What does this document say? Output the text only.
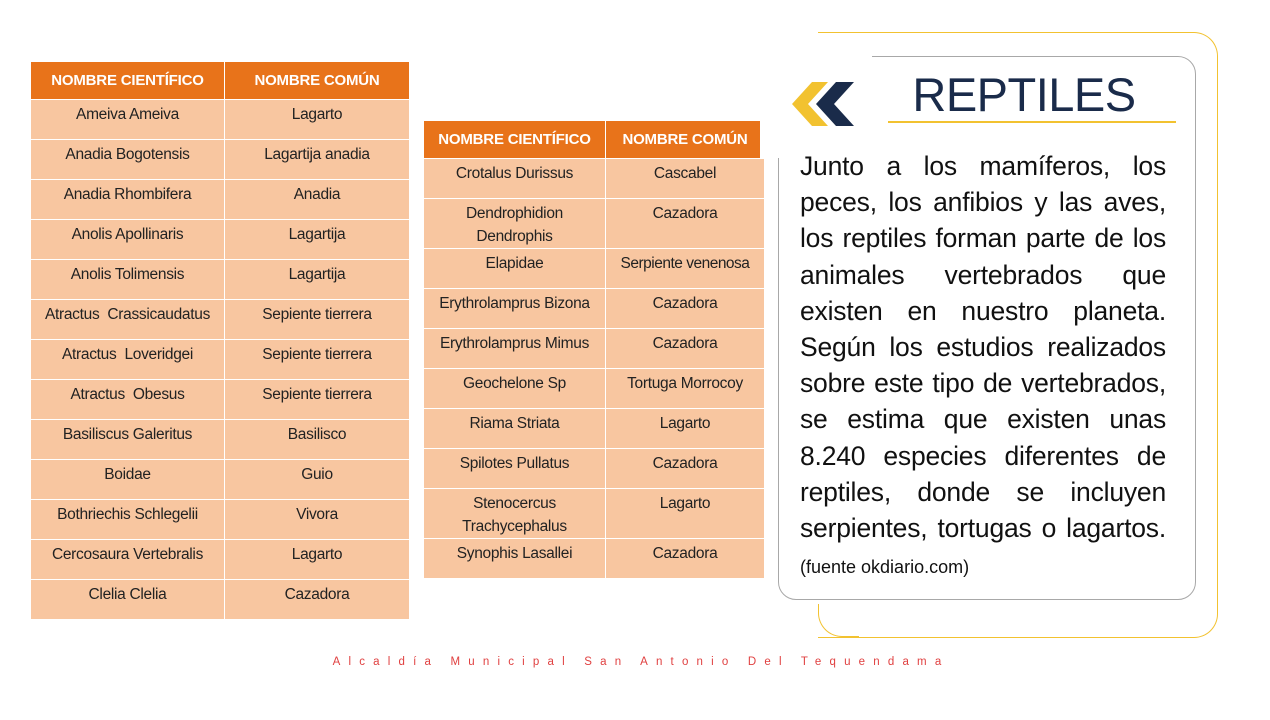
NOMBRE CIENTÍFICO	NOMBRE COMÚN
Ameiva Ameiva	Lagarto
Anadia Bogotensis	Lagartija anadia
Anadia Rhombifera	Anadia
Anolis Apollinaris	Lagartija
Anolis Tolimensis	Lagartija
Atractus  Crassicaudatus	Sepiente tierrera
Atractus  Loveridgei	Sepiente tierrera
Atractus  Obesus	Sepiente tierrera
Basiliscus Galeritus	Basilisco
Boidae	Guio
Bothriechis Schlegelii	Vivora
Cercosaura Vertebralis	Lagarto
Clelia Clelia	Cazadora
NOMBRE CIENTÍFICO	NOMBRE COMÚN
Crotalus Durissus	Cascabel
Dendrophidion Dendrophis	Cazadora
Elapidae	Serpiente venenosa
Erythrolamprus Bizona	Cazadora
Erythrolamprus Mimus	Cazadora
Geochelone Sp	Tortuga Morrocoy
Riama Striata	Lagarto
Spilotes Pullatus	Cazadora
Stenocercus Trachycephalus	Lagarto
Synophis Lasallei	Cazadora
REPTILES
Junto a los mamíferos, los peces, los anfibios y las aves, los reptiles forman parte de los animales vertebrados que existen en nuestro planeta. Según los estudios realizados sobre este tipo de vertebrados, se estima que existen unas 8.240 especies diferentes de reptiles, donde se incluyen serpientes, tortugas o lagartos.(fuente okdiario.com)
Alcaldía Municipal San Antonio Del Tequendama
